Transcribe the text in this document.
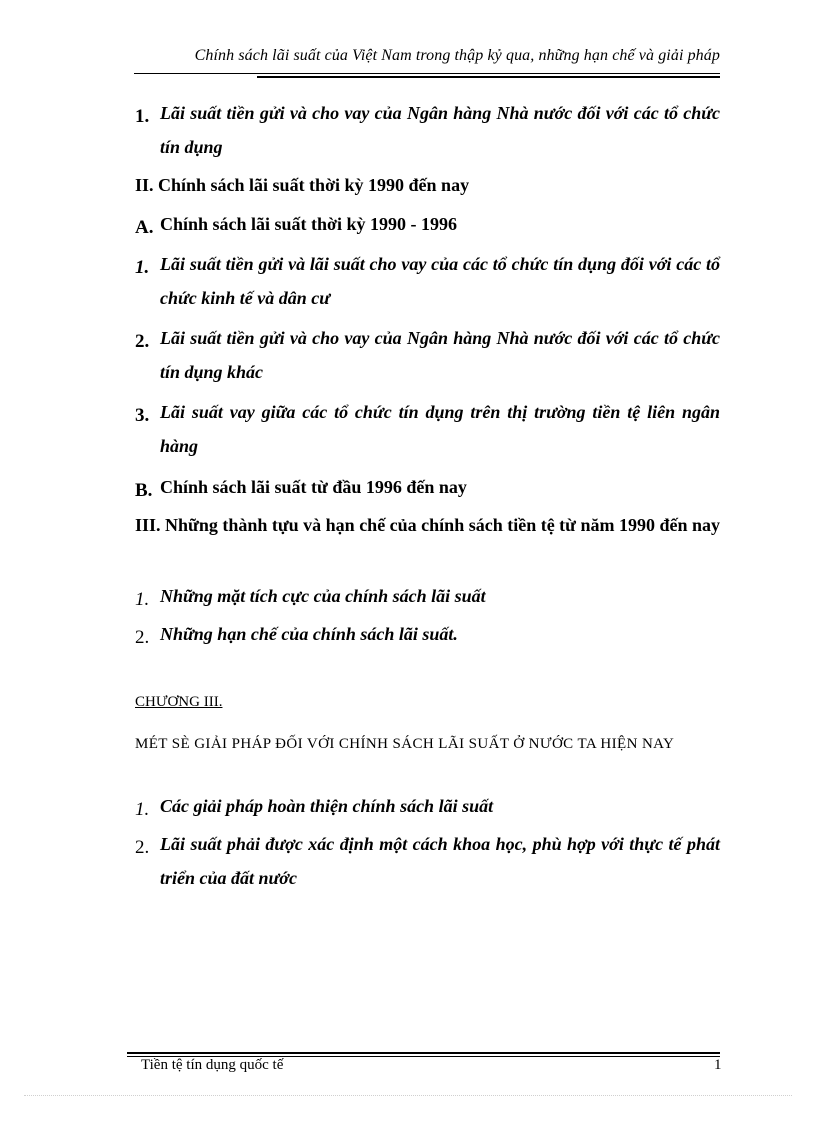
Chính sách lãi suất của Việt Nam trong thập kỷ qua, những hạn chế và giải pháp
1. Lãi suất tiền gửi và cho vay của Ngân hàng Nhà nước đối với các tổ chức tín dụng
II. Chính sách lãi suất thời kỳ 1990 đến nay
A. Chính sách lãi suất thời kỳ 1990 - 1996
1. Lãi suất tiền gửi và lãi suất cho vay của các tổ chức tín dụng đối với các tổ chức kinh tế và dân cư
2. Lãi suất tiền gửi và cho vay của Ngân hàng Nhà nước đối với các tổ chức tín dụng khác
3. Lãi suất vay giữa các tổ chức tín dụng trên thị trường tiền tệ liên ngân hàng
B. Chính sách lãi suất từ đầu 1996 đến nay
III. Những thành tựu và hạn chế của chính sách tiền tệ từ năm 1990 đến nay
1. Những mặt tích cực của chính sách lãi suất
2. Những hạn chế của chính sách lãi suất.
CHƯƠNG III.
MÉT SÈ GIẢI PHÁP ĐỐI VỚI CHÍNH SÁCH LÃI SUẤT Ở NƯỚC TA HIỆN NAY
1. Các giải pháp hoàn thiện chính sách lãi suất
2. Lãi suất phải được xác định một cách khoa học, phù hợp với thực tế phát triển của đất nước
Tiền tệ tín dụng quốc tế	1
